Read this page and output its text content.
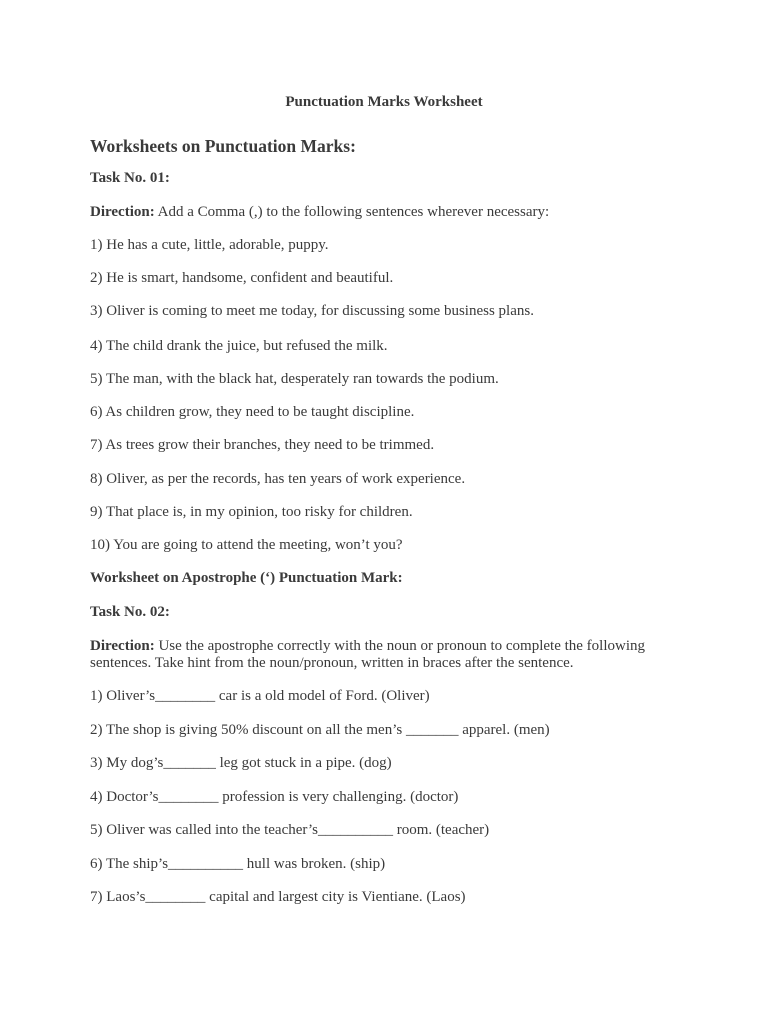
Punctuation Marks Worksheet
Worksheets on Punctuation Marks:
Task No. 01:
Direction: Add a Comma (,) to the following sentences wherever necessary:
1) He has a cute, little, adorable, puppy.
2) He is smart, handsome, confident and beautiful.
3) Oliver is coming to meet me today, for discussing some business plans.
4) The child drank the juice, but refused the milk.
5) The man, with the black hat, desperately ran towards the podium.
6) As children grow, they need to be taught discipline.
7) As trees grow their branches, they need to be trimmed.
8) Oliver, as per the records, has ten years of work experience.
9) That place is, in my opinion, too risky for children.
10) You are going to attend the meeting, won’t you?
Worksheet on Apostrophe (‘) Punctuation Mark:
Task No. 02:
Direction: Use the apostrophe correctly with the noun or pronoun to complete the following sentences. Take hint from the noun/pronoun, written in braces after the sentence.
1) Oliver’s________ car is a old model of Ford. (Oliver)
2) The shop is giving 50% discount on all the men’s _______ apparel. (men)
3) My dog’s_______ leg got stuck in a pipe. (dog)
4) Doctor’s________ profession is very challenging. (doctor)
5) Oliver was called into the teacher’s__________ room. (teacher)
6) The ship’s__________ hull was broken. (ship)
7) Laos’s________ capital and largest city is Vientiane. (Laos)
